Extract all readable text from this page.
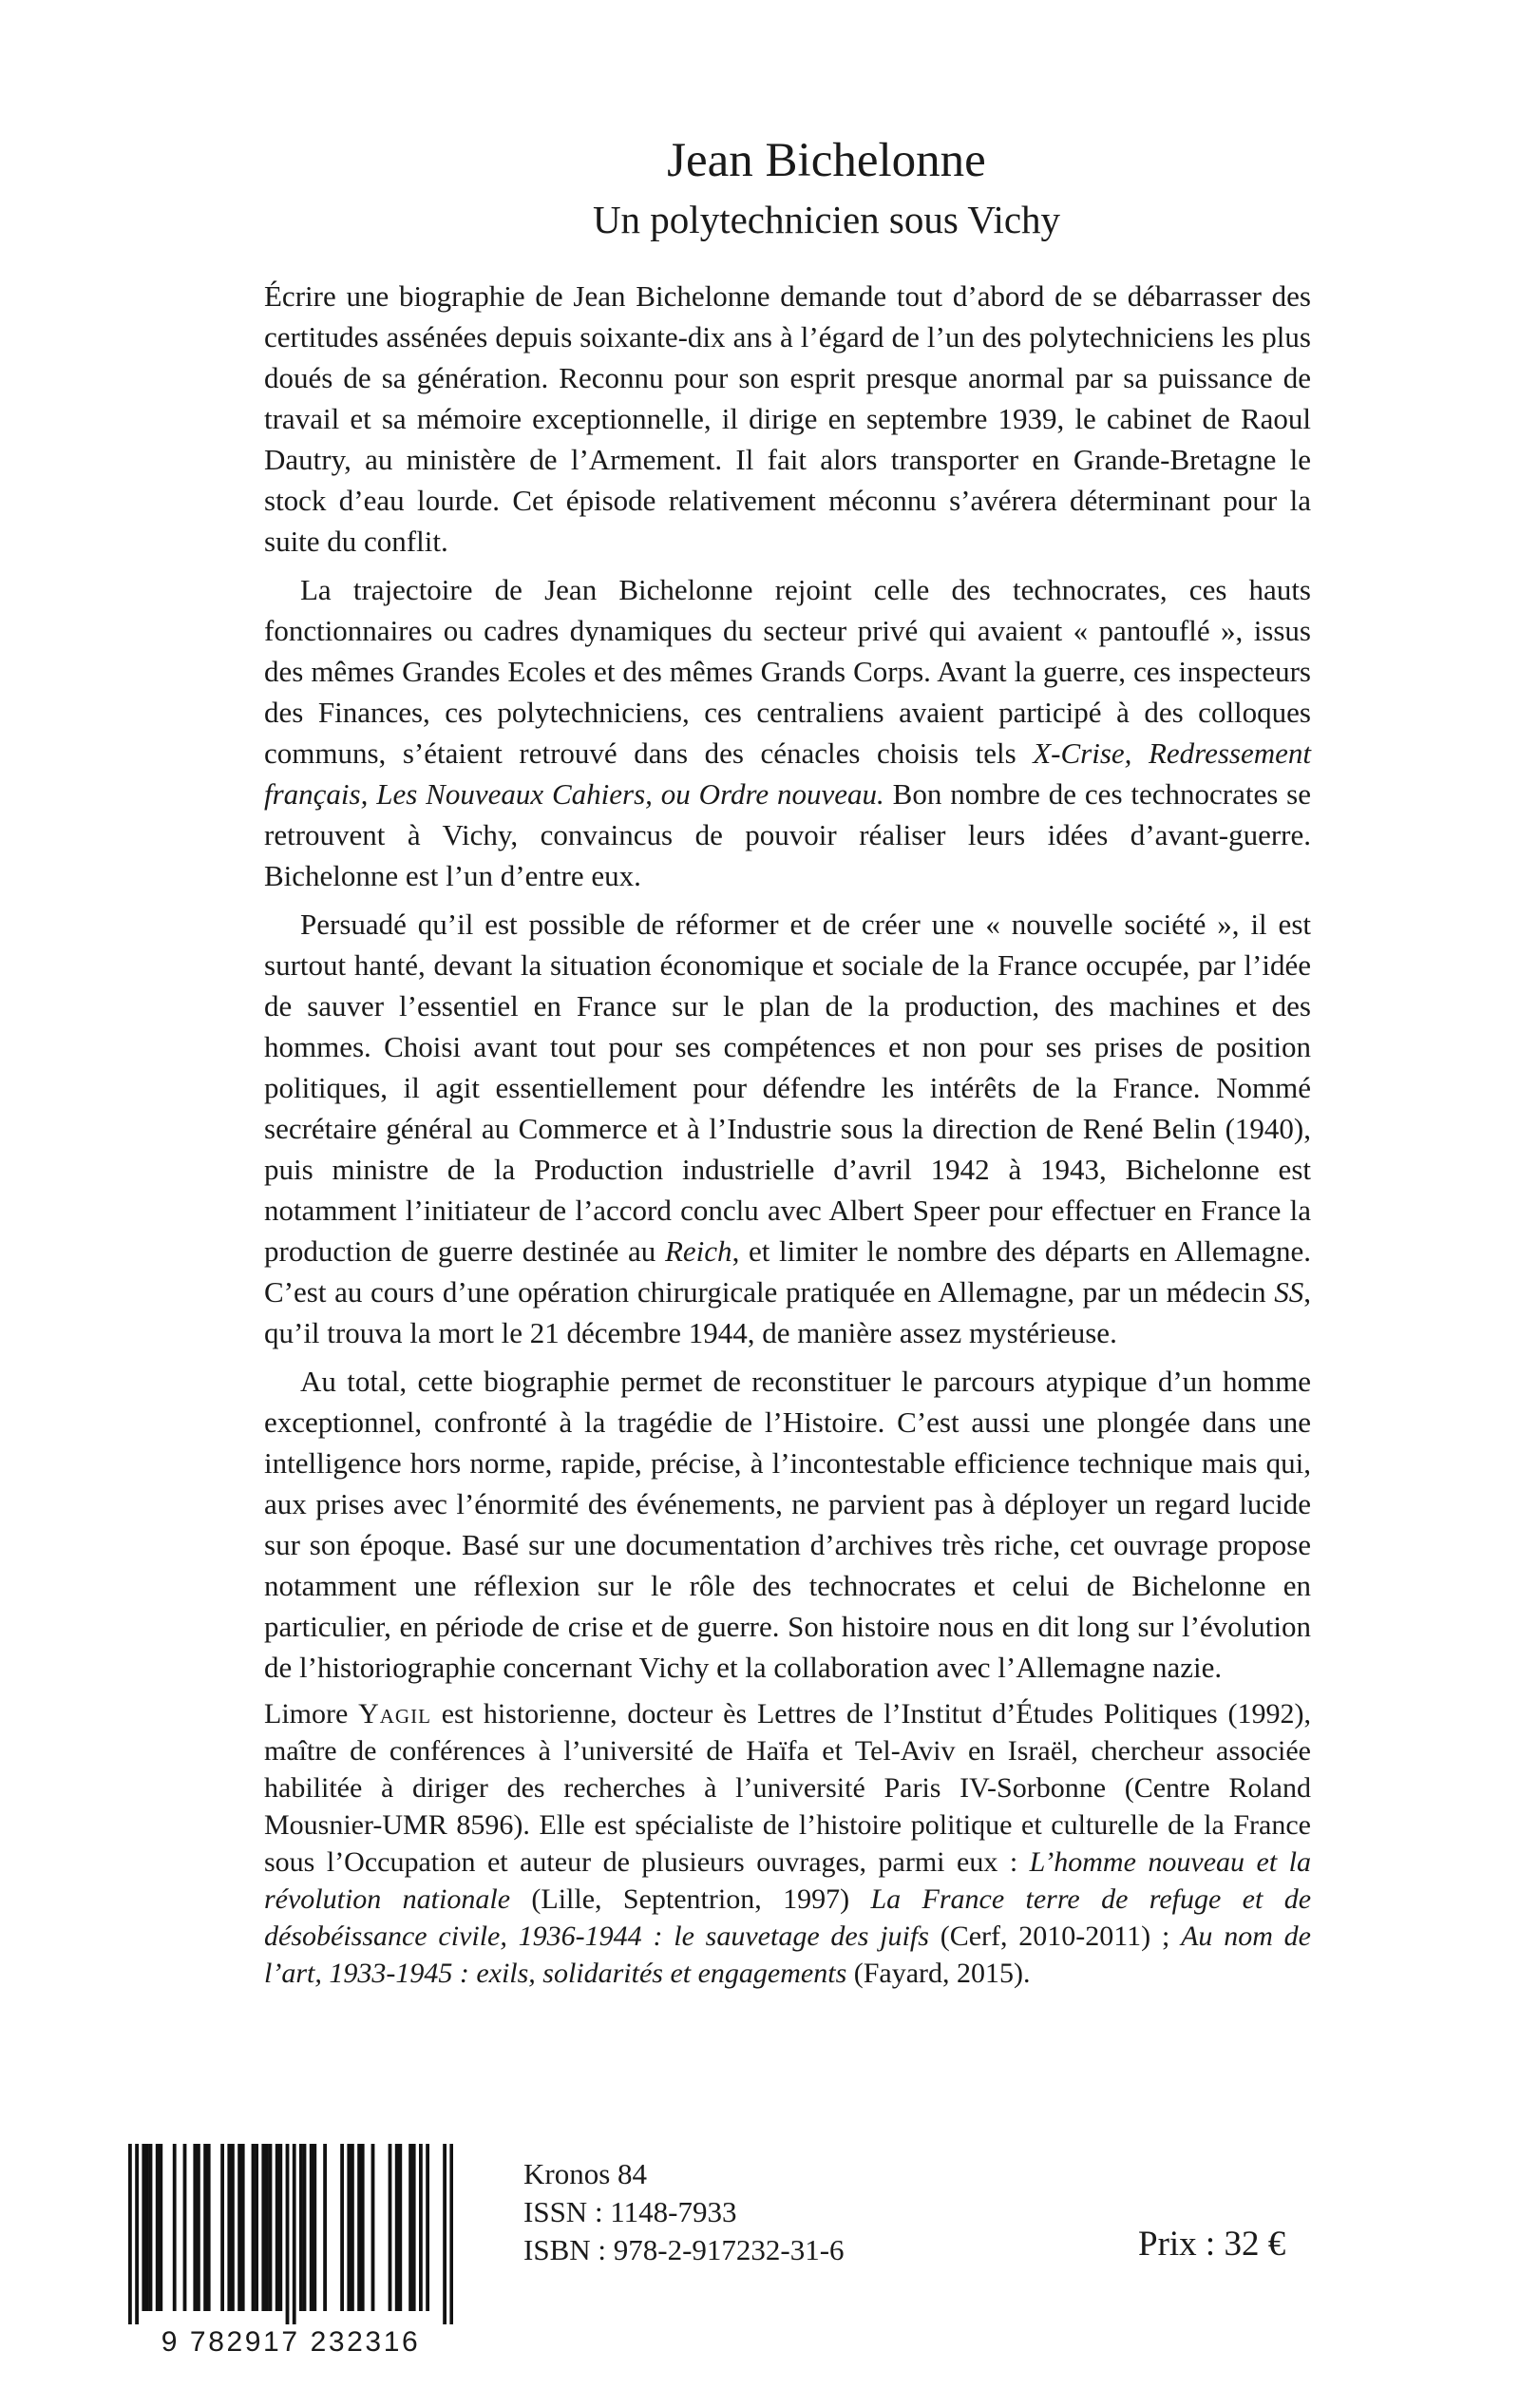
Jean Bichelonne
Un polytechnicien sous Vichy

Écrire une biographie de Jean Bichelonne demande tout d’abord de se débarrasser des certitudes assénées depuis soixante-dix ans à l’égard de l’un des polytechniciens les plus doués de sa génération. Reconnu pour son esprit presque anormal par sa puissance de travail et sa mémoire exceptionnelle, il dirige en septembre 1939, le cabinet de Raoul Dautry, au ministère de l’Armement. Il fait alors transporter en Grande-Bretagne le stock d’eau lourde. Cet épisode relativement méconnu s’avérera déterminant pour la suite du conflit.

La trajectoire de Jean Bichelonne rejoint celle des technocrates, ces hauts fonctionnaires ou cadres dynamiques du secteur privé qui avaient « pantouflé », issus des mêmes Grandes Ecoles et des mêmes Grands Corps. Avant la guerre, ces inspecteurs des Finances, ces polytechniciens, ces centraliens avaient participé à des colloques communs, s’étaient retrouvé dans des cénacles choisis tels X-Crise, Redressement français, Les Nouveaux Cahiers, ou Ordre nouveau. Bon nombre de ces technocrates se retrouvent à Vichy, convaincus de pouvoir réaliser leurs idées d’avant-guerre. Bichelonne est l’un d’entre eux.

Persuadé qu’il est possible de réformer et de créer une « nouvelle société », il est surtout hanté, devant la situation économique et sociale de la France occupée, par l’idée de sauver l’essentiel en France sur le plan de la production, des machines et des hommes. Choisi avant tout pour ses compétences et non pour ses prises de position politiques, il agit essentiellement pour défendre les intérêts de la France. Nommé secrétaire général au Commerce et à l’Industrie sous la direction de René Belin (1940), puis ministre de la Production industrielle d’avril 1942 à 1943, Bichelonne est notamment l’initiateur de l’accord conclu avec Albert Speer pour effectuer en France la production de guerre destinée au Reich, et limiter le nombre des départs en Allemagne. C’est au cours d’une opération chirurgicale pratiquée en Allemagne, par un médecin SS, qu’il trouva la mort le 21 décembre 1944, de manière assez mystérieuse.

Au total, cette biographie permet de reconstituer le parcours atypique d’un homme exceptionnel, confronté à la tragédie de l’Histoire. C’est aussi une plongée dans une intelligence hors norme, rapide, précise, à l’incontestable efficience technique mais qui, aux prises avec l’énormité des événements, ne parvient pas à déployer un regard lucide sur son époque. Basé sur une documentation d’archives très riche, cet ouvrage propose notamment une réflexion sur le rôle des technocrates et celui de Bichelonne en particulier, en période de crise et de guerre. Son histoire nous en dit long sur l’évolution de l’historiographie concernant Vichy et la collaboration avec l’Allemagne nazie.

Limore Yagil est historienne, docteur ès Lettres de l’Institut d’Études Politiques (1992), maître de conférences à l’université de Haïfa et Tel-Aviv en Israël, chercheur associée habilitée à diriger des recherches à l’université Paris IV-Sorbonne (Centre Roland Mousnier-UMR 8596). Elle est spécialiste de l’histoire politique et culturelle de la France sous l’Occupation et auteur de plusieurs ouvrages, parmi eux : L’homme nouveau et la révolution nationale (Lille, Septentrion, 1997) La France terre de refuge et de désobéissance civile, 1936-1944 : le sauvetage des juifs (Cerf, 2010-2011) ; Au nom de l’art, 1933-1945 : exils, solidarités et engagements (Fayard, 2015).

9 782917 232316
Kronos 84
ISSN : 1148-7933
ISBN : 978-2-917232-31-6	Prix : 32 €
